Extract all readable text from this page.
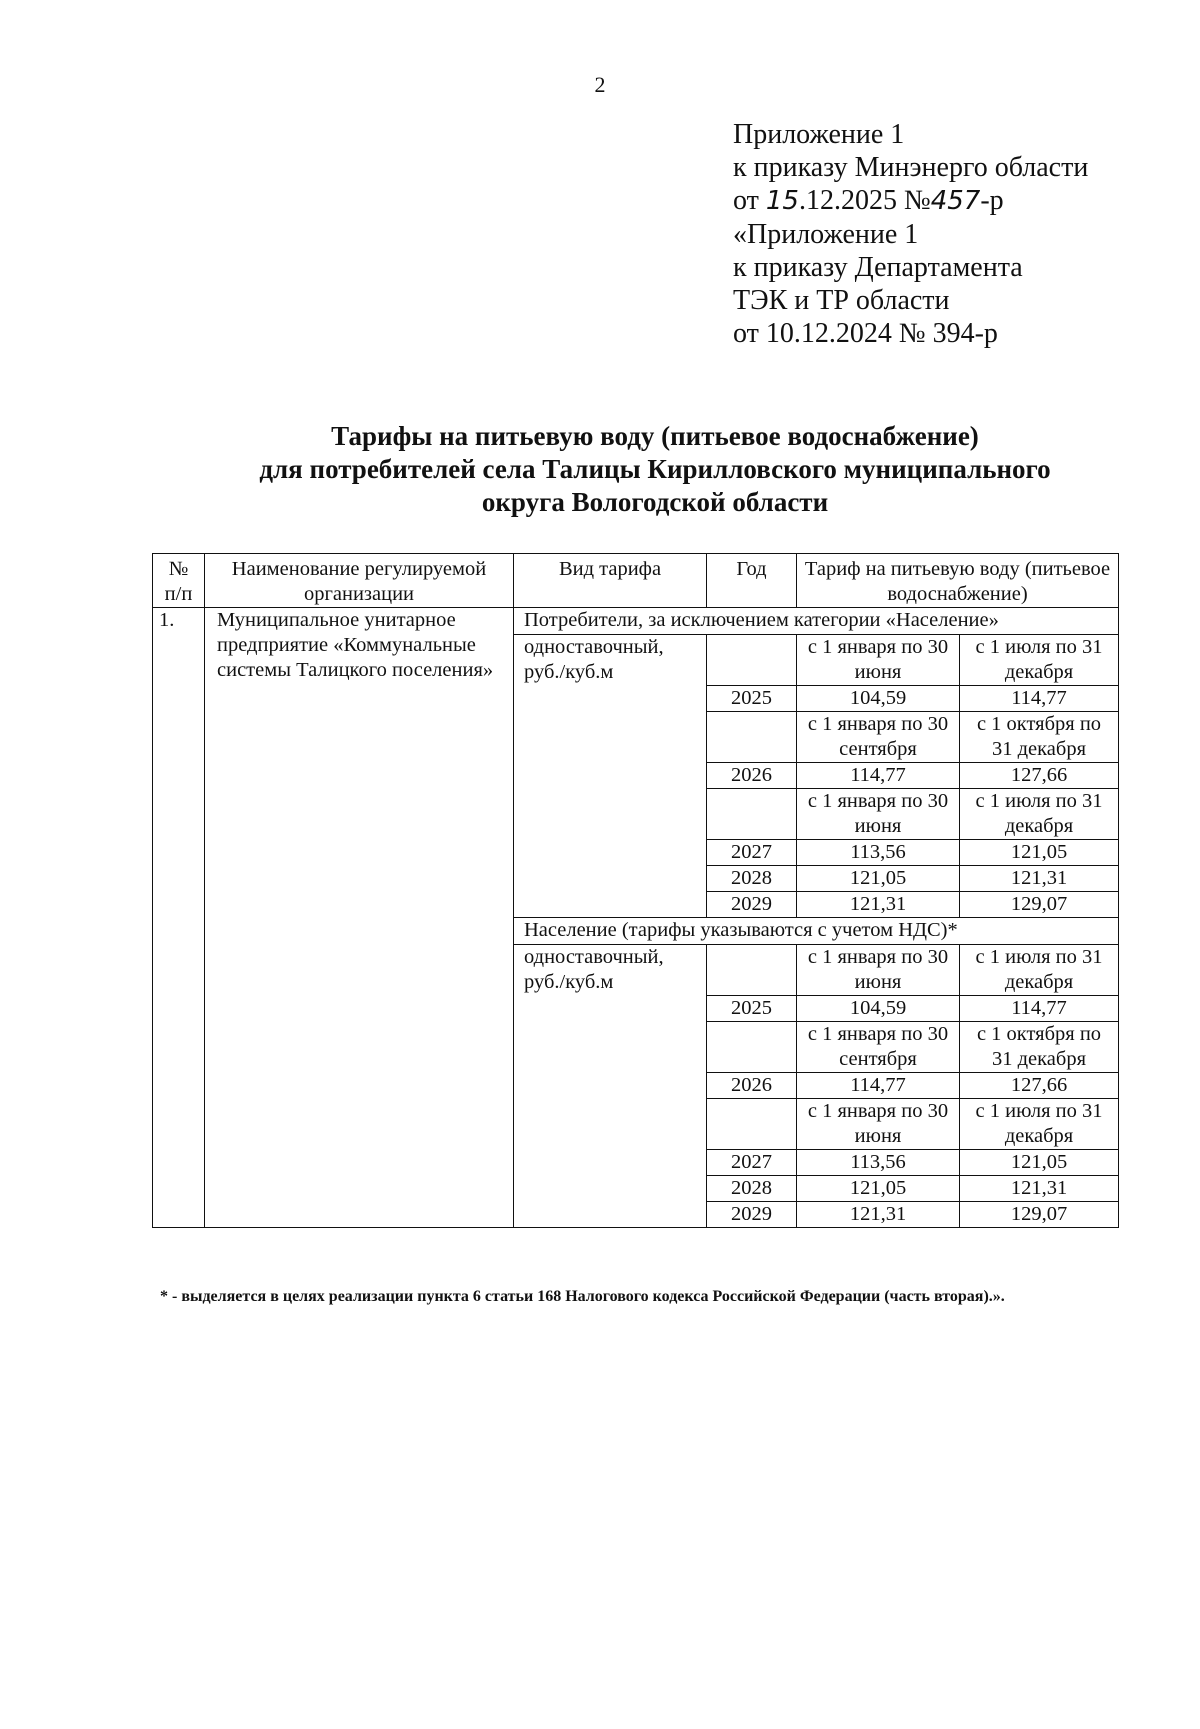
2
Приложение 1
к приказу Минэнерго области
от 15.12.2025 №457-р
«Приложение 1
к приказу Департамента
ТЭК и ТР области
от 10.12.2024 № 394-р
Тарифы на питьевую воду (питьевое водоснабжение)
для потребителей села Талицы Кирилловского муниципального
округа Вологодской области
№ п/п	Наименование регулируемой организации	Вид тарифа	Год	Тариф на питьевую воду (питьевое водоснабжение)	
1.	Муниципальное унитарное предприятие «Коммунальные системы Талицкого поселения»	Потребители, за исключением категории «Население»			
		одноставочный, руб./куб.м		с 1 января по 30 июня	с 1 июля по 31 декабря
			2025	104,59	114,77
				с 1 января по 30 сентября	с 1 октября по 31 декабря
			2026	114,77	127,66
				с 1 января по 30 июня	с 1 июля по 31 декабря
			2027	113,56	121,05
			2028	121,05	121,31
			2029	121,31	129,07
		Население (тарифы указываются с учетом НДС)*			
		одноставочный, руб./куб.м		с 1 января по 30 июня	с 1 июля по 31 декабря
			2025	104,59	114,77
				с 1 января по 30 сентября	с 1 октября по 31 декабря
			2026	114,77	127,66
				с 1 января по 30 июня	с 1 июля по 31 декабря
			2027	113,56	121,05
			2028	121,05	121,31
			2029	121,31	129,07
* - выделяется в целях реализации пункта 6 статьи 168 Налогового кодекса Российской Федерации (часть вторая).».
